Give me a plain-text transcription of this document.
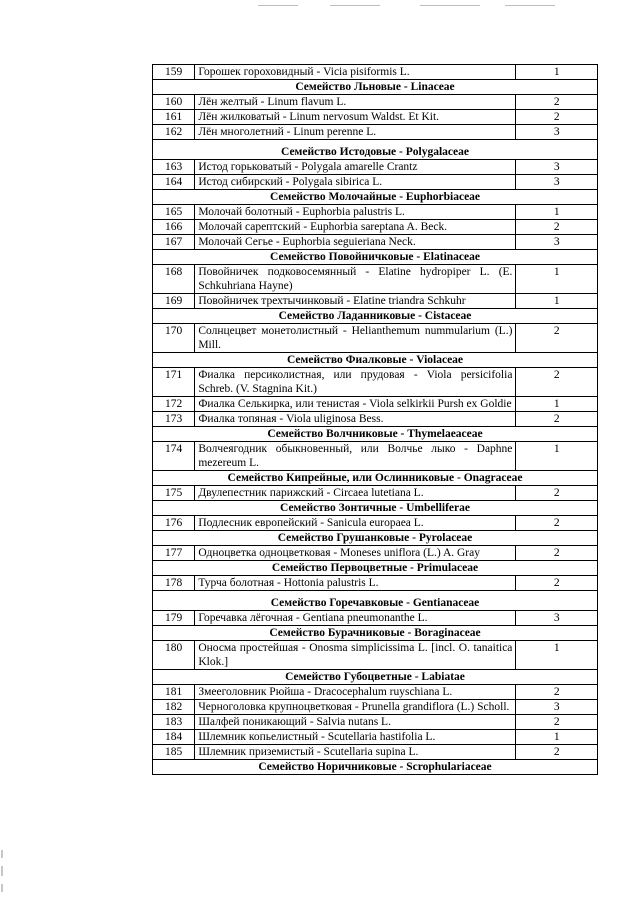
159	Горошек гороховидный - Vicia pisiformis L.	1
Семейство Льновые - Linaceae		
160	Лён желтый - Linum flavum L.	2
161	Лён жилковатый - Linum nervosum Waldst. Et Kit.	2
162	Лён многолетний - Linum perenne L.	3
Семейство Истодовые - Polygalaceae		
163	Истод горьковатый - Polygala amarelle Crantz	3
164	Истод сибирский - Polygala sibirica L.	3
Семейство Молочайные - Euphorbiaceae		
165	Молочай болотный - Euphorbia palustris L.	1
166	Молочай сарептский - Euphorbia sareptana A. Beck.	2
167	Молочай Сегье - Euphorbia seguieriana Neck.	3
Семейство Повойничковые - Elatinaceae		
168	Повойничек подковосемянный - Elatine hydropiper L. (E. Schkuhriana Hayne)	1
169	Повойничек трехтычинковый - Elatine triandra Schkuhr	1
Семейство Ладанниковые - Cistaceae		
170	Солнцецвет монетолистный - Helianthemum nummularium (L.) Mill.	2
Семейство Фиалковые - Violaceae		
171	Фиалка персиколистная, или прудовая - Viola persicifolia Schreb. (V. Stagnina Kit.)	2
172	Фиалка Селькирка, или тенистая - Viola selkirkii Pursh ex Goldie	1
173	Фиалка топяная - Viola uliginosa Bess.	2
Семейство Волчниковые - Thymelaeaceae		
174	Волчеягодник обыкновенный, или Волчье лыко - Daphne mezereum L.	1
Семейство Кипрейные, или Ослинниковые - Onagraceae		
175	Двулепестник парижский - Circaea lutetiana L.	2
Семейство Зонтичные - Umbelliferae		
176	Подлесник европейский - Sanicula europaea L.	2
Семейство Грушанковые - Pyrolaceae		
177	Одноцветка одноцветковая - Moneses uniflora (L.) A. Gray	2
Семейство Первоцветные - Primulaceae		
178	Турча болотная - Hottonia palustris L.	2
Семейство Горечавковые - Gentianaceae		
179	Горечавка лёгочная - Gentiana pneumonanthe L.	3
Семейство Бурачниковые - Boraginaceae		
180	Оносма простейшая - Onosma simplicissima L. [incl. O. tanaitica Klok.]	1
Семейство Губоцветные - Labiatae		
181	Змееголовник Рюйша - Dracocephalum ruyschiana L.	2
182	Черноголовка крупноцветковая - Prunella grandiflora (L.) Scholl.	3
183	Шалфей поникающий - Salvia nutans L.	2
184	Шлемник копьелистный - Scutellaria hastifolia L.	1
185	Шлемник приземистый - Scutellaria supina L.	2
Семейство Норичниковые - Scrophulariaceae		
